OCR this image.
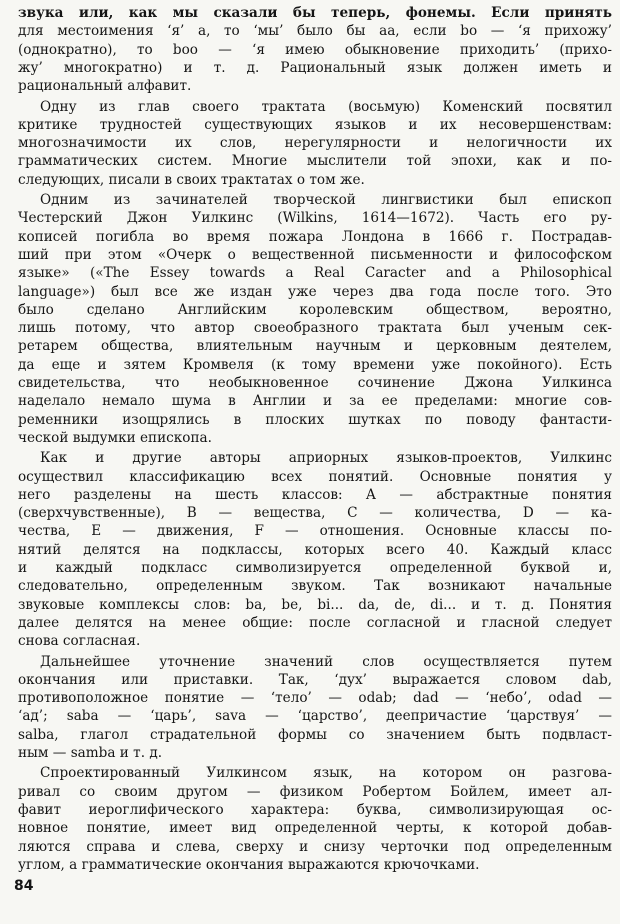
звука или, как мы сказали бы теперь, фонемы. Если принять
для местоимения ‘я’ a, то ‘мы’ было бы aa, если bo — ‘я прихожу’
(однократно), то boo — ‘я имею обыкновение приходить’ (прихо-
жу’ многократно) и т. д. Рациональный язык должен иметь и
рациональный алфавит.
Одну из глав своего трактата (восьмую) Коменский посвятил
критике трудностей существующих языков и их несовершенствам:
многозначимости их слов, нерегулярности и нелогичности их
грамматических систем. Многие мыслители той эпохи, как и по-
следующих, писали в своих трактатах о том же.
Одним из зачинателей творческой лингвистики был епископ
Честерский Джон Уилкинс (Wilkins, 1614—1672). Часть его ру-
кописей погибла во время пожара Лондона в 1666 г. Пострадав-
ший при этом «Очерк о вещественной письменности и философском
языке» («The Essey towards a Real Caracter and a Philosophical
language») был все же издан уже через два года после того. Это
было сделано Английским королевским обществом, вероятно,
лишь потому, что автор своеобразного трактата был ученым сек-
ретарем общества, влиятельным научным и церковным деятелем,
да еще и зятем Кромвеля (к тому времени уже покойного). Есть
свидетельства, что необыкновенное сочинение Джона Уилкинса
наделало немало шума в Англии и за ее пределами: многие сов-
ременники изощрялись в плоских шутках по поводу фантасти-
ческой выдумки епископа.
Как и другие авторы априорных языков-проектов, Уилкинс
осуществил классификацию всех понятий. Основные понятия у
него разделены на шесть классов: A — абстрактные понятия
(сверхчувственные), B — вещества, C — количества, D — ка-
чества, E — движения, F — отношения. Основные классы по-
нятий делятся на подклассы, которых всего 40. Каждый класс
и каждый подкласс символизируется определенной буквой и,
следовательно, определенным звуком. Так возникают начальные
звуковые комплексы слов: ba, be, bi... da, de, di... и т. д. Понятия
далее делятся на менее общие: после согласной и гласной следует
снова согласная.
Дальнейшее уточнение значений слов осуществляется путем
окончания или приставки. Так, ‘дух’ выражается словом dab,
противоположное понятие — ‘тело’ — odab; dad — ‘небо’, odad —
‘ад’; saba — ‘царь’, sava — ‘царство’, деепричастие ‘царствуя’ —
salba, глагол страдательной формы со значением быть подвласт-
ным — samba и т. д.
Спроектированный Уилкинсом язык, на котором он разгова-
ривал со своим другом — физиком Робертом Бойлем, имеет ал-
фавит иероглифического характера: буква, символизирующая ос-
новное понятие, имеет вид определенной черты, к которой добав-
ляются справа и слева, сверху и снизу черточки под определенным
углом, а грамматические окончания выражаются крючочками.
84
